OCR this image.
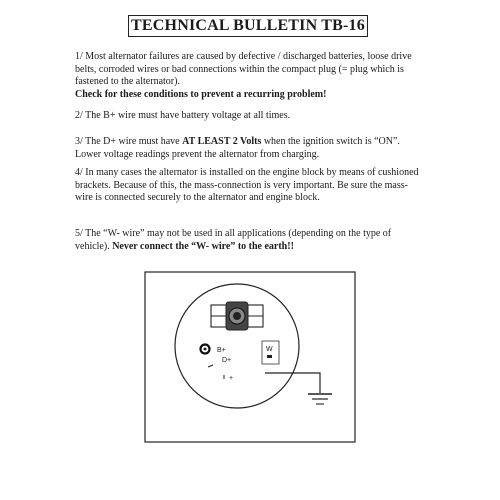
TECHNICAL BULLETIN TB-16

1/ Most alternator failures are caused by defective / discharged batteries, loose drive belts, corroded wires or bad connections within the compact plug (= plug which is fastened to the alternator).
Check for these conditions to prevent a recurring problem!

2/ The B+ wire must have battery voltage at all times.

3/ The D+ wire must have AT LEAST 2 Volts when the ignition switch is “ON”. Lower voltage readings prevent the alternator from charging.

4/ In many cases the alternator is installed on the engine block by means of cushioned brackets. Because of this, the mass-connection is very important. Be sure the mass-wire is connected securely to the alternator and engine block.

5/ The “W- wire” may not be used in all applications (depending on the type of vehicle). Never connect the “W- wire” to the earth!!

B+
D+
+
W
